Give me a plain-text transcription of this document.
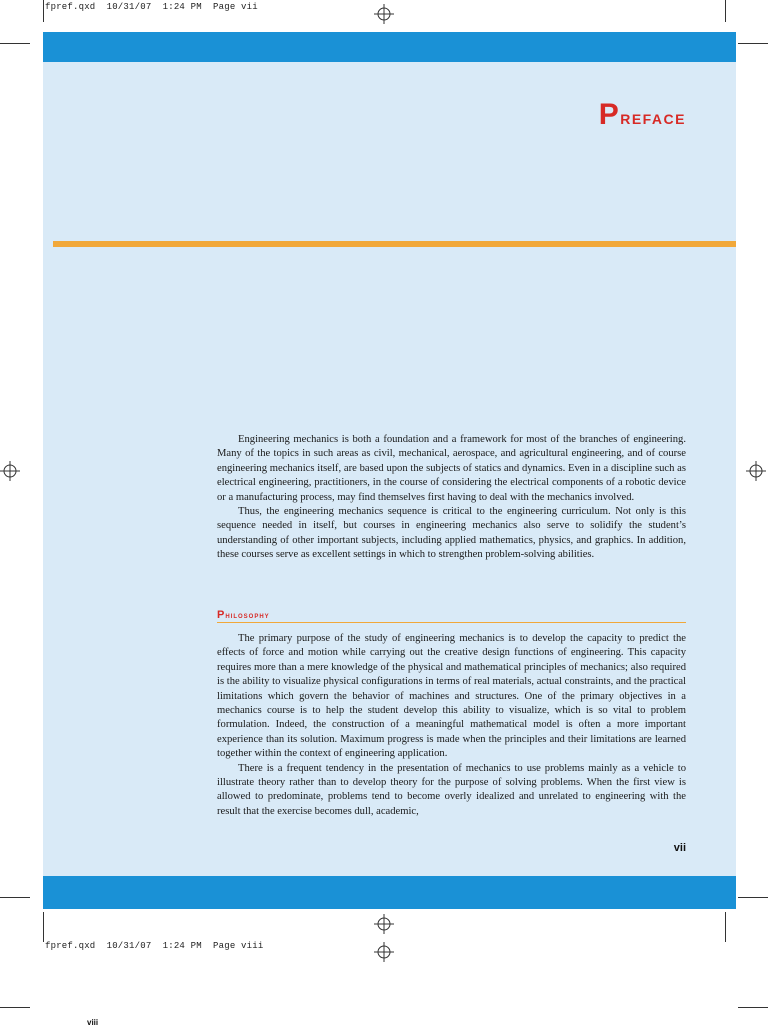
fpref.qxd  10/31/07  1:24 PM  Page vii
fpref.qxd  10/31/07  1:24 PM  Page viii
Preface

Engineering mechanics is both a foundation and a framework for most of the branches of engineering. Many of the topics in such areas as civil, mechanical, aerospace, and agricultural engineering, and of course engineering mechanics itself, are based upon the subjects of statics and dynamics. Even in a discipline such as electrical engineering, practitioners, in the course of considering the electrical components of a robotic device or a manufacturing process, may find themselves first having to deal with the mechanics involved.

Thus, the engineering mechanics sequence is critical to the engineering curriculum. Not only is this sequence needed in itself, but courses in engineering mechanics also serve to solidify the student’s understanding of other important subjects, including applied mathematics, physics, and graphics. In addition, these courses serve as excellent settings in which to strengthen problem-solving abilities.

Philosophy

The primary purpose of the study of engineering mechanics is to develop the capacity to predict the effects of force and motion while carrying out the creative design functions of engineering. This capacity requires more than a mere knowledge of the physical and mathematical principles of mechanics; also required is the ability to visualize physical configurations in terms of real materials, actual constraints, and the practical limitations which govern the behavior of machines and structures. One of the primary objectives in a mechanics course is to help the student develop this ability to visualize, which is so vital to problem formulation. Indeed, the construction of a meaningful mathematical model is often a more important experience than its solution. Maximum progress is made when the principles and their limitations are learned together within the context of engineering application.

There is a frequent tendency in the presentation of mechanics to use problems mainly as a vehicle to illustrate theory rather than to develop theory for the purpose of solving problems. When the first view is allowed to predominate, problems tend to become overly idealized and unrelated to engineering with the result that the exercise becomes dull, academic,

vii
viii
